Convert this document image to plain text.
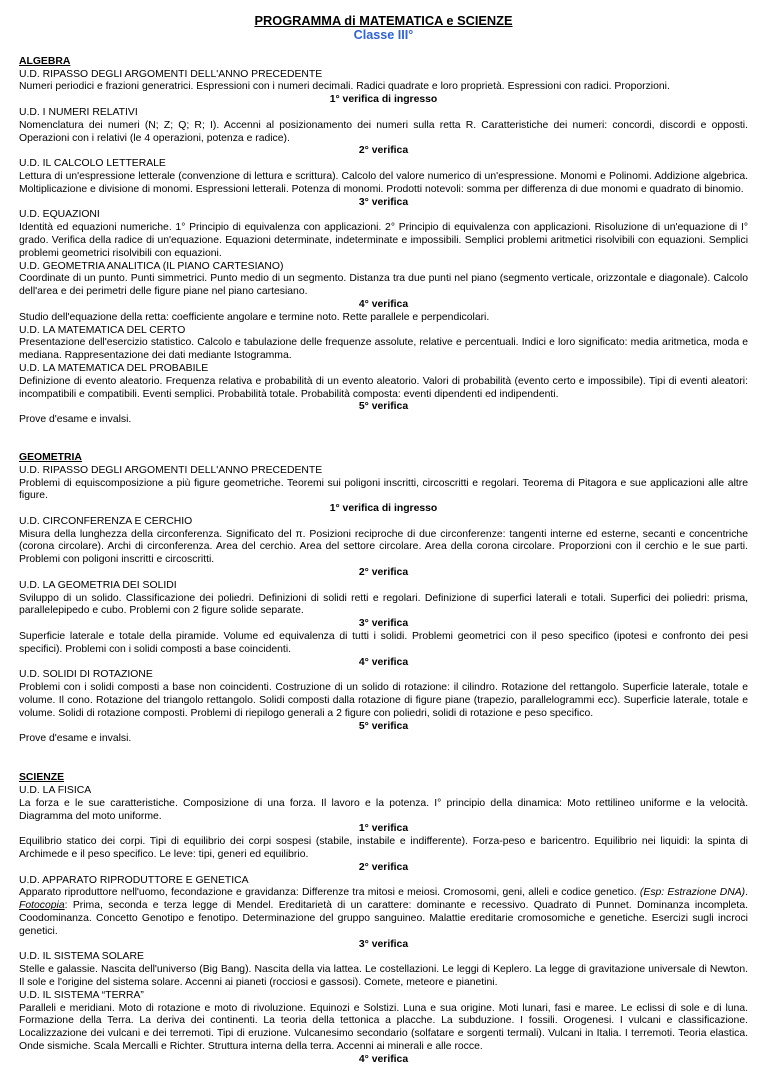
PROGRAMMA di MATEMATICA e SCIENZE
Classe III°
ALGEBRA
U.D. RIPASSO DEGLI ARGOMENTI DELL'ANNO PRECEDENTE
Numeri periodici e frazioni generatrici. Espressioni con i numeri decimali. Radici quadrate e loro proprietà. Espressioni con radici. Proporzioni.
1° verifica di ingresso
U.D. I NUMERI RELATIVI
Nomenclatura dei numeri (N; Z; Q; R; I). Accenni al posizionamento dei numeri sulla retta R. Caratteristiche dei numeri: concordi, discordi e opposti. Operazioni con i relativi (le 4 operazioni, potenza e radice).
2° verifica
U.D. IL CALCOLO LETTERALE
Lettura di un'espressione letterale (convenzione di lettura e scrittura). Calcolo del valore numerico di un'espressione. Monomi e Polinomi. Addizione algebrica. Moltiplicazione e divisione di monomi. Espressioni letterali. Potenza di monomi. Prodotti notevoli: somma per differenza di due monomi e quadrato di binomio.
3° verifica
U.D. EQUAZIONI
Identità ed equazioni numeriche. 1° Principio di equivalenza con applicazioni. 2° Principio di equivalenza con applicazioni. Risoluzione di un'equazione di I° grado. Verifica della radice di un'equazione. Equazioni determinate, indeterminate e impossibili. Semplici problemi aritmetici risolvibili con equazioni. Semplici problemi geometrici risolvibili con equazioni.
U.D. GEOMETRIA ANALITICA (IL PIANO CARTESIANO)
Coordinate di un punto. Punti simmetrici. Punto medio di un segmento. Distanza tra due punti nel piano (segmento verticale, orizzontale e diagonale). Calcolo dell'area e dei perimetri delle figure piane nel piano cartesiano.
4° verifica
Studio dell'equazione della retta: coefficiente angolare e termine noto. Rette parallele e perpendicolari.
U.D. LA MATEMATICA DEL CERTO
Presentazione dell'esercizio statistico. Calcolo e tabulazione delle frequenze assolute, relative e percentuali. Indici e loro significato: media aritmetica, moda e mediana. Rappresentazione dei dati mediante Istogramma.
U.D. LA MATEMATICA DEL PROBABILE
Definizione di evento aleatorio. Frequenza relativa e probabilità di un evento aleatorio. Valori di probabilità (evento certo e impossibile). Tipi di eventi aleatori: incompatibili e compatibili. Eventi semplici. Probabilità totale. Probabilità composta: eventi dipendenti ed indipendenti.
5° verifica
Prove d'esame e invalsi.
GEOMETRIA
U.D. RIPASSO DEGLI ARGOMENTI DELL'ANNO PRECEDENTE
Problemi di equiscomposizione a più figure geometriche. Teoremi sui poligoni inscritti, circoscritti e regolari. Teorema di Pitagora e sue applicazioni alle altre figure.
1° verifica di ingresso
U.D. CIRCONFERENZA E CERCHIO
Misura della lunghezza della circonferenza. Significato del π. Posizioni reciproche di due circonferenze: tangenti interne ed esterne, secanti e concentriche (corona circolare). Archi di circonferenza. Area del cerchio. Area del settore circolare. Area della corona circolare. Proporzioni con il cerchio e le sue parti. Problemi con poligoni inscritti e circoscritti.
2° verifica
U.D. LA GEOMETRIA DEI SOLIDI
Sviluppo di un solido. Classificazione dei poliedri. Definizioni di solidi retti e regolari. Definizione di superfici laterali e totali. Superfici dei poliedri: prisma, parallelepipedo e cubo. Problemi con 2 figure solide separate.
3° verifica
Superficie laterale e totale della piramide. Volume ed equivalenza di tutti i solidi. Problemi geometrici con il peso specifico (ipotesi e confronto dei pesi specifici). Problemi con i solidi composti a base coincidenti.
4° verifica
U.D. SOLIDI DI ROTAZIONE
Problemi con i solidi composti a base non coincidenti. Costruzione di un solido di rotazione: il cilindro. Rotazione del rettangolo. Superficie laterale, totale e volume. Il cono. Rotazione del triangolo rettangolo. Solidi composti dalla rotazione di figure piane (trapezio, parallelogrammi ecc). Superficie laterale, totale e volume. Solidi di rotazione composti. Problemi di riepilogo generali a 2 figure con poliedri, solidi di rotazione e peso specifico.
5° verifica
Prove d'esame e invalsi.
SCIENZE
U.D. LA FISICA
La forza e le sue caratteristiche. Composizione di una forza. Il lavoro e la potenza. I° principio della dinamica: Moto rettilineo uniforme e la velocità. Diagramma del moto uniforme.
1° verifica
Equilibrio statico dei corpi. Tipi di equilibrio dei corpi sospesi (stabile, instabile e indifferente). Forza-peso e baricentro. Equilibrio nei liquidi: la spinta di Archimede e il peso specifico. Le leve: tipi, generi ed equilibrio.
2° verifica
U.D. APPARATO RIPRODUTTORE E GENETICA
Apparato riproduttore nell'uomo, fecondazione e gravidanza: Differenze tra mitosi e meiosi. Cromosomi, geni, alleli e codice genetico. (Esp: Estrazione DNA). Fotocopia: Prima, seconda e terza legge di Mendel. Ereditarietà di un carattere: dominante e recessivo. Quadrato di Punnet. Dominanza incompleta. Coodominanza. Concetto Genotipo e fenotipo. Determinazione del gruppo sanguineo. Malattie ereditarie cromosomiche e genetiche. Esercizi sugli incroci genetici.
3° verifica
U.D. IL SISTEMA SOLARE
Stelle e galassie. Nascita dell'universo (Big Bang). Nascita della via lattea. Le costellazioni. Le leggi di Keplero. La legge di gravitazione universale di Newton. Il sole e l'origine del sistema solare. Accenni ai pianeti (rocciosi e gassosi). Comete, meteore e pianetini.
U.D. IL SISTEMA “TERRA”
Paralleli e meridiani. Moto di rotazione e moto di rivoluzione. Equinozi e Solstizi. Luna e sua origine. Moti lunari, fasi e maree. Le eclissi di sole e di luna. Formazione della Terra. La deriva dei continenti. La teoria della tettonica a placche. La subduzione. I fossili. Orogenesi. I vulcani e classificazione. Localizzazione dei vulcani e dei terremoti. Tipi di eruzione. Vulcanesimo secondario (solfatare e sorgenti termali). Vulcani in Italia. I terremoti. Teoria elastica. Onde sismiche. Scala Mercalli e Richter. Struttura interna della terra. Accenni ai minerali e alle rocce.
4° verifica
